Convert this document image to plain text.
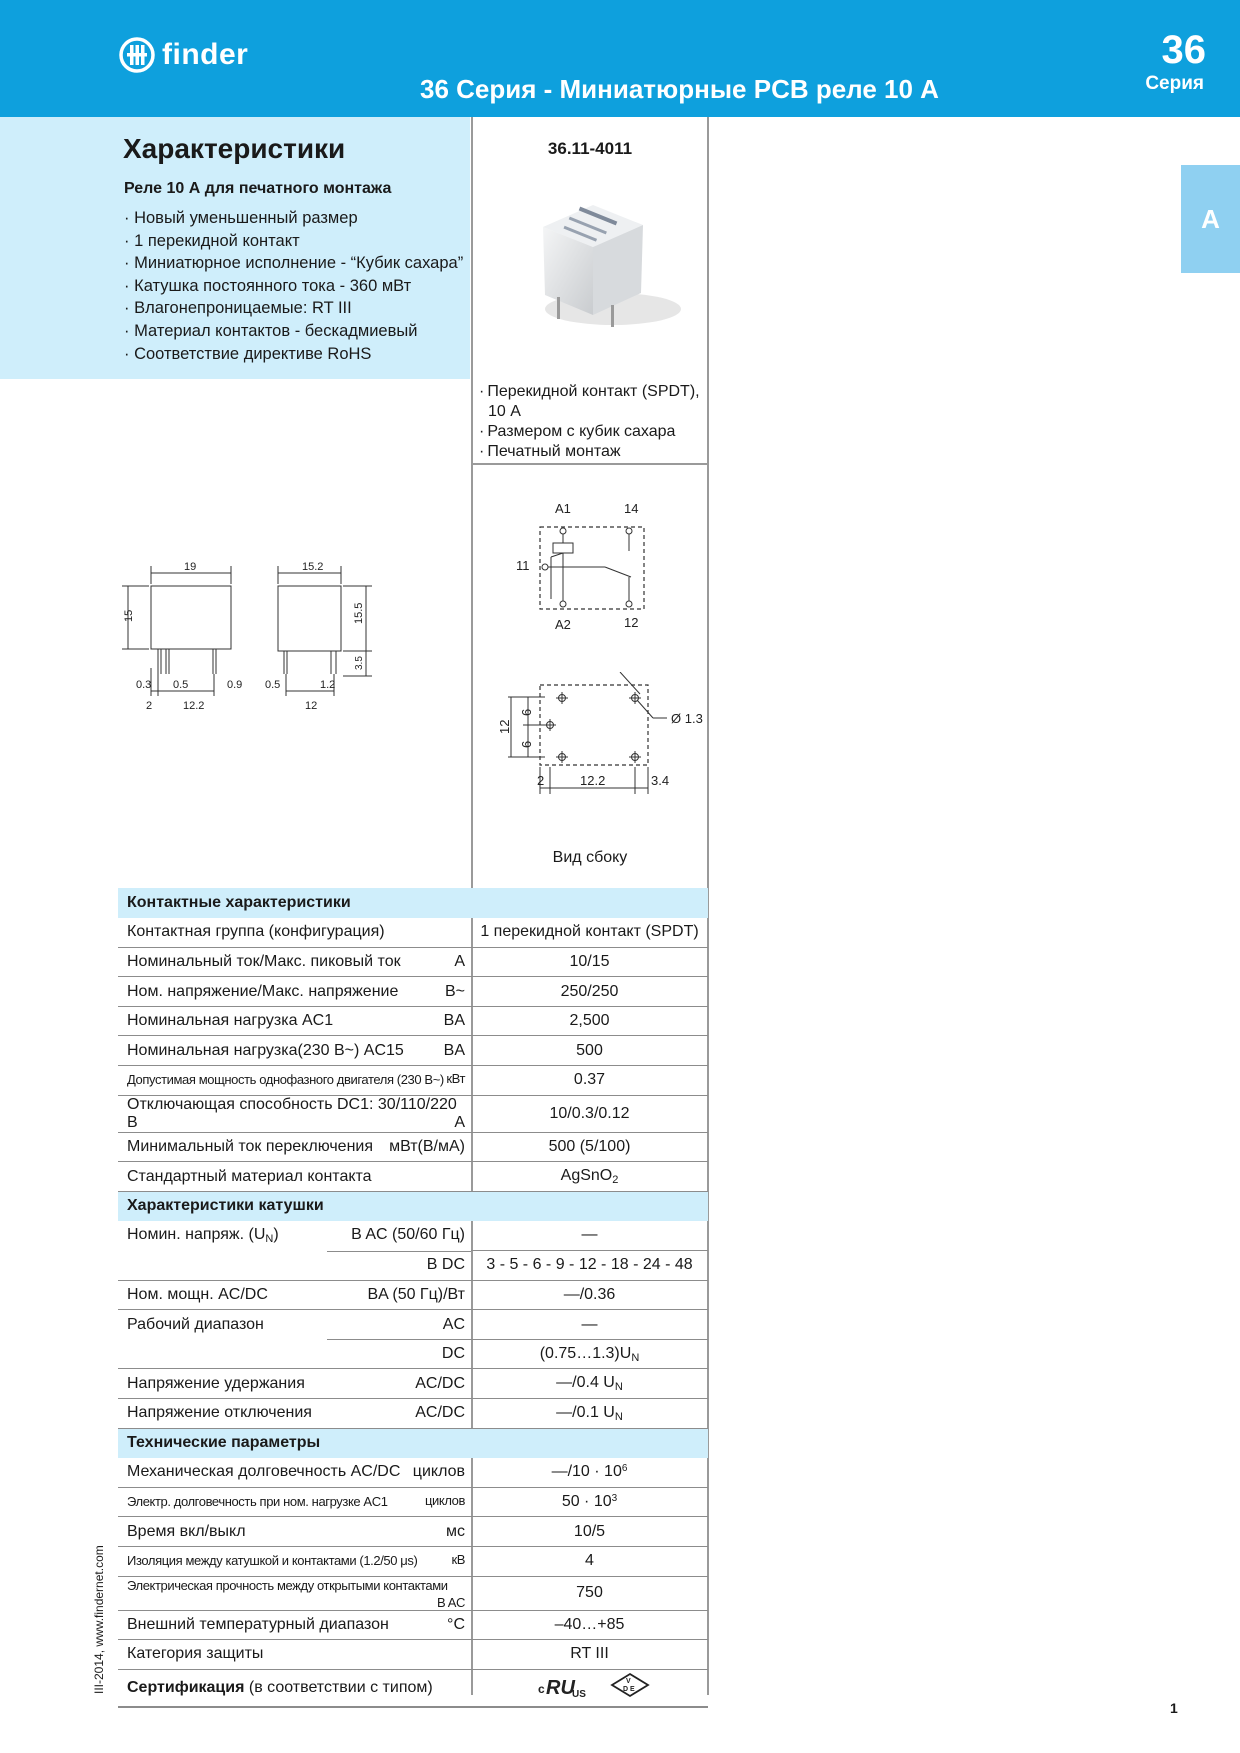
finder
36 Серия - Миниатюрные PCB реле 10 А
36
Серия
A
Характеристики
Реле 10 А для печатного монтажа
· Новый уменьшенный размер
· 1 перекидной контакт
· Миниатюрное исполнение - “Кубик сахара”
· Катушка постоянного тока - 360 мВт
· Влагонепроницаемые: RT III
· Материал контактов - бескадмиевый
· Соответствие директиве RoHS
36.11-4011
· Перекидной контакт (SPDT), 10 А
· Размером с кубик сахара
· Печатный монтаж
A1	14
11
A2	12
Ø 1.3
12
6
6
2	12.2	3.4
Вид сбоку
19
15
0.3 0.5	0.9
2	12.2
15.2
15.5
3.5
0.5	1.2
12
Контактные характеристики	
Контактная группа (конфигурация)	1 перекидной контакт (SPDT)
Номинальный ток/Макс. пиковый ток A	10/15
Ном. напряжение/Макс. напряжение B~	250/250
Номинальная нагрузка AC1 BA	2,500
Номинальная нагрузка(230 B~) AC15 BA	500
Допустимая мощность однофазного двигателя (230 B~) кВт	0.37
Отключающая способность DC1: 30/110/220 B A	10/0.3/0.12
Минимальный ток переключения мВт(В/мА)	500 (5/100)
Стандартный материал контакта	AgSnO$_2$
Характеристики катушки	
Номин. напряж. $(U_N)$ B AC (50/60 Гц)	—

B DC	3 - 5 - 6 - 9 - 12 - 18 - 24 - 48
Ном. мощн. AC/DC BA (50 Гц)/Вт	—/0.36
Рабочий диапазон AC	—

DC	$(0.75\dots 1.3)U_N$
Напряжение удержания AC/DC	—/0.4 $U_N$
Напряжение отключения AC/DC	—/0.1 $U_N$
Технические параметры	
Механическая долговечность AC/DC циклов	—/10 · $10^6$
Электр. долговечность при ном. нагрузке AC1 циклов	$50 \cdot 10^3$
Время вкл/выкл мс	10/5
Изоляция между катушкой и контактами (1.2/50 μs) кВ	4
Электрическая прочность между открытыми контактами
B AC	750
Внешний температурный диапазон °C	–40…+85
Категория защиты	RT III
Сертификация (в соответствии с типом)	c RU
US
V
D E
III-2014, www.findernet.com
1
